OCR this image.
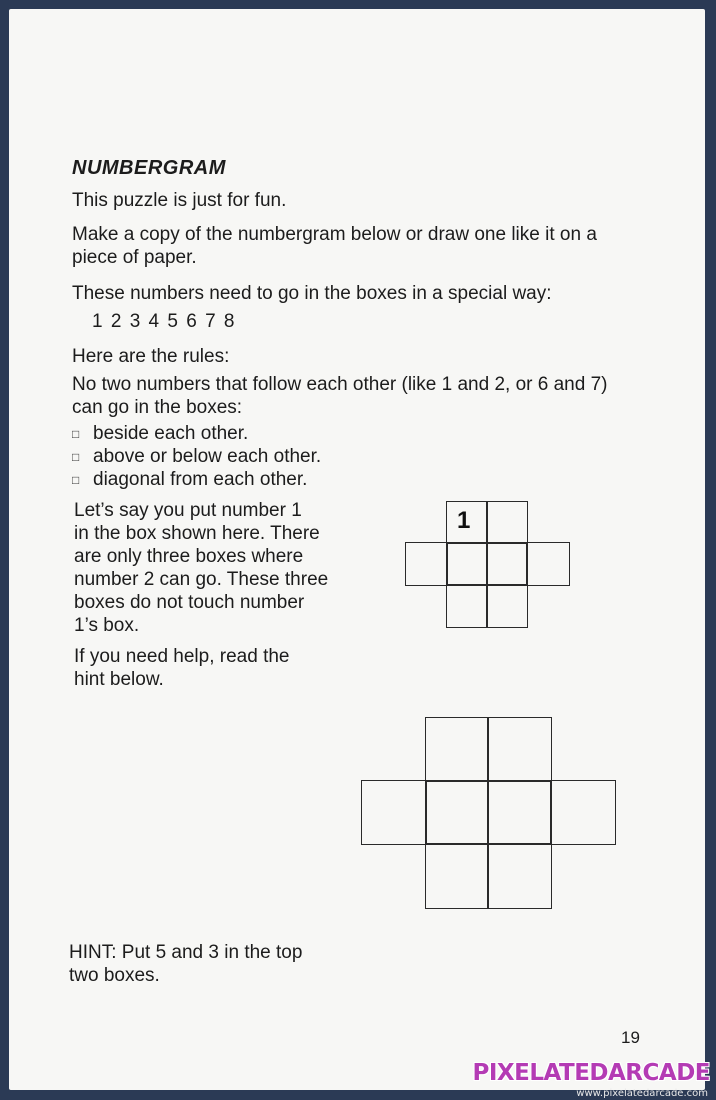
NUMBERGRAM

This puzzle is just for fun.

Make a copy of the numbergram below or draw one like it on a

piece of paper.

These numbers need to go in the boxes in a special way:

1 2 3 4 5 6 7 8

Here are the rules:

No two numbers that follow each other (like 1 and 2, or 6 and 7)

can go in the boxes:

□ beside each other.

□ above or below each other.

□ diagonal from each other.

Let’s say you put number 1

in the box shown here. There

are only three boxes where

number 2 can go. These three

boxes do not touch number

1’s box.

If you need help, read the

hint below.

1

HINT: Put 5 and 3 in the top

two boxes.

19

PIXELATEDARCADE
www.pixelatedarcade.com
